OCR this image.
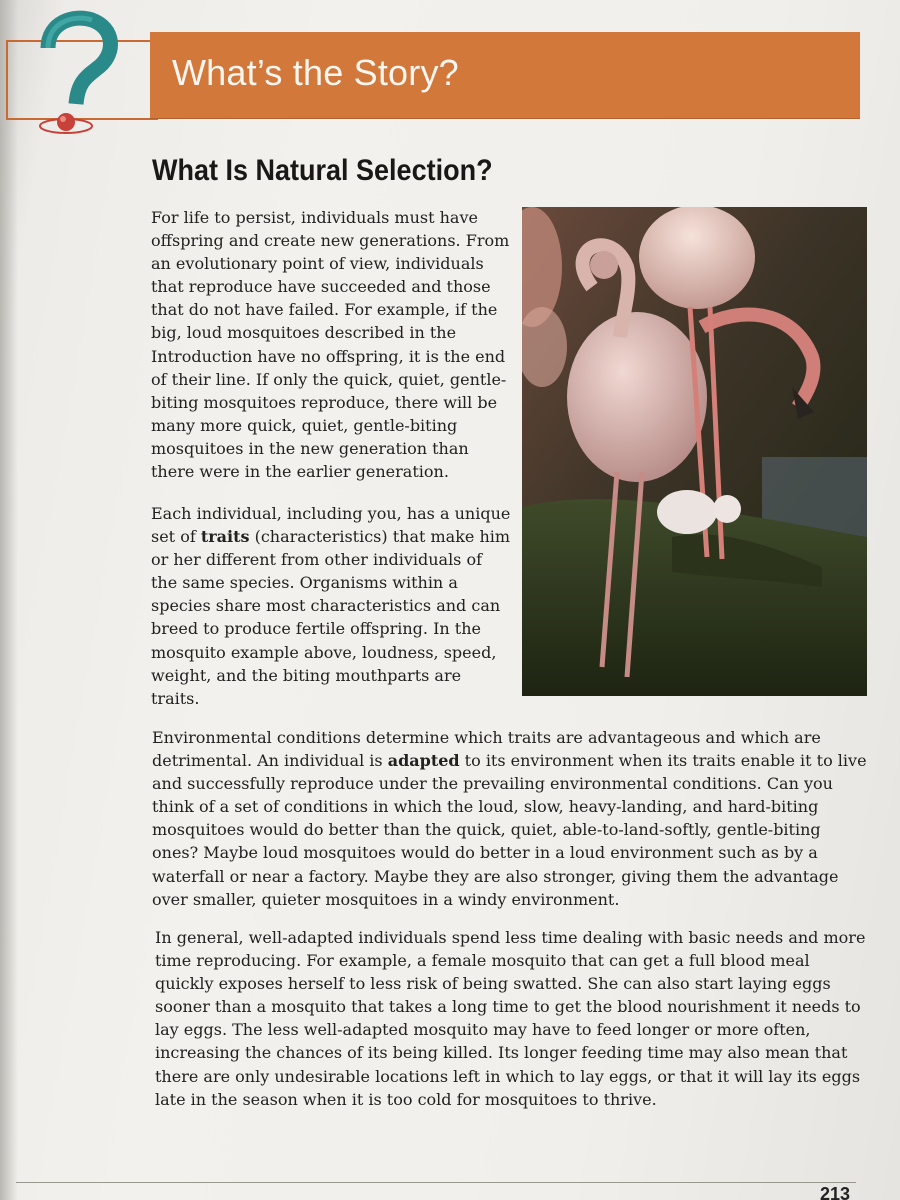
What’s the Story?
What Is Natural Selection?

For life to persist, individuals must have offspring and create new generations. From an evolutionary point of view, individuals that reproduce have succeeded and those that do not have failed. For example, if the big, loud mosquitoes described in the Introduction have no offspring, it is the end of their line. If only the quick, quiet, gentle-biting mosquitoes reproduce, there will be many more quick, quiet, gentle-biting mosquitoes in the new generation than there were in the earlier generation.

Each individual, including you, has a unique set of traits (characteristics) that make him or her different from other individuals of the same species. Organisms within a species share most characteristics and can breed to produce fertile offspring. In the mosquito example above, loudness, speed, weight, and the biting mouthparts are traits.

Environmental conditions determine which traits are advantageous and which are detrimental. An individual is adapted to its environment when its traits enable it to live and successfully reproduce under the prevailing environmental conditions. Can you think of a set of conditions in which the loud, slow, heavy-landing, and hard-biting mosquitoes would do better than the quick, quiet, able-to-land-softly, gentle-biting ones? Maybe loud mosquitoes would do better in a loud environment such as by a waterfall or near a factory. Maybe they are also stronger, giving them the advantage over smaller, quieter mosquitoes in a windy environment.

In general, well-adapted individuals spend less time dealing with basic needs and more time reproducing. For example, a female mosquito that can get a full blood meal quickly exposes herself to less risk of being swatted. She can also start laying eggs sooner than a mosquito that takes a long time to get the blood nourishment it needs to lay eggs. The less well-adapted mosquito may have to feed longer or more often, increasing the chances of its being killed. Its longer feeding time may also mean that there are only undesirable locations left in which to lay eggs, or that it will lay its eggs late in the season when it is too cold for mosquitoes to thrive.

213
